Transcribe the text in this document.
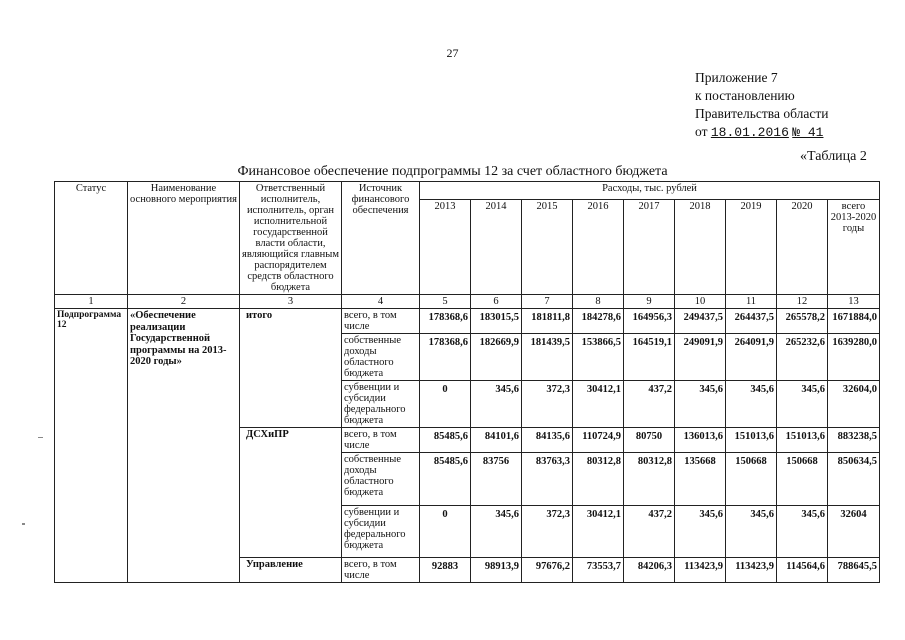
27
Приложение 7
к постановлению
Правительства области
от 18.01.2016 № 41
«Таблица 2
Финансовое обеспечение подпрограммы 12 за счет областного бюджета
Статус	Наименование основного мероприятия	Ответственный исполнитель, исполнитель, орган исполнительной государственной власти области, являющийся главным распорядителем средств областного бюджета	Источник финансового обеспечения	Расходы, тыс. рублей								
				2013	2014	2015	2016	2017	2018	2019	2020	всего 2013-2020 годы
1	2	3	4	5	6	7	8	9	10	11	12	13
Подпрограмма 12	«Обеспечение реализации Государственной программы на 2013-2020 годы»	итого	всего, в том числе	178368,6	183015,5	181811,8	184278,6	164956,3	249437,5	264437,5	265578,2	1671884,0
			собственные доходы областного бюджета	178368,6	182669,9	181439,5	153866,5	164519,1	249091,9	264091,9	265232,6	1639280,0
			субвенции и субсидии федерального бюджета	0	345,6	372,3	30412,1	437,2	345,6	345,6	345,6	32604,0
		ДСХиПР	всего, в том числе	85485,6	84101,6	84135,6	110724,9	80750	136013,6	151013,6	151013,6	883238,5
			собственные доходы областного бюджета	85485,6	83756	83763,3	80312,8	80312,8	135668	150668	150668	850634,5
			субвенции и субсидии федерального бюджета	0	345,6	372,3	30412,1	437,2	345,6	345,6	345,6	32604
		Управление	всего, в том числе	92883	98913,9	97676,2	73553,7	84206,3	113423,9	113423,9	114564,6	788645,5
